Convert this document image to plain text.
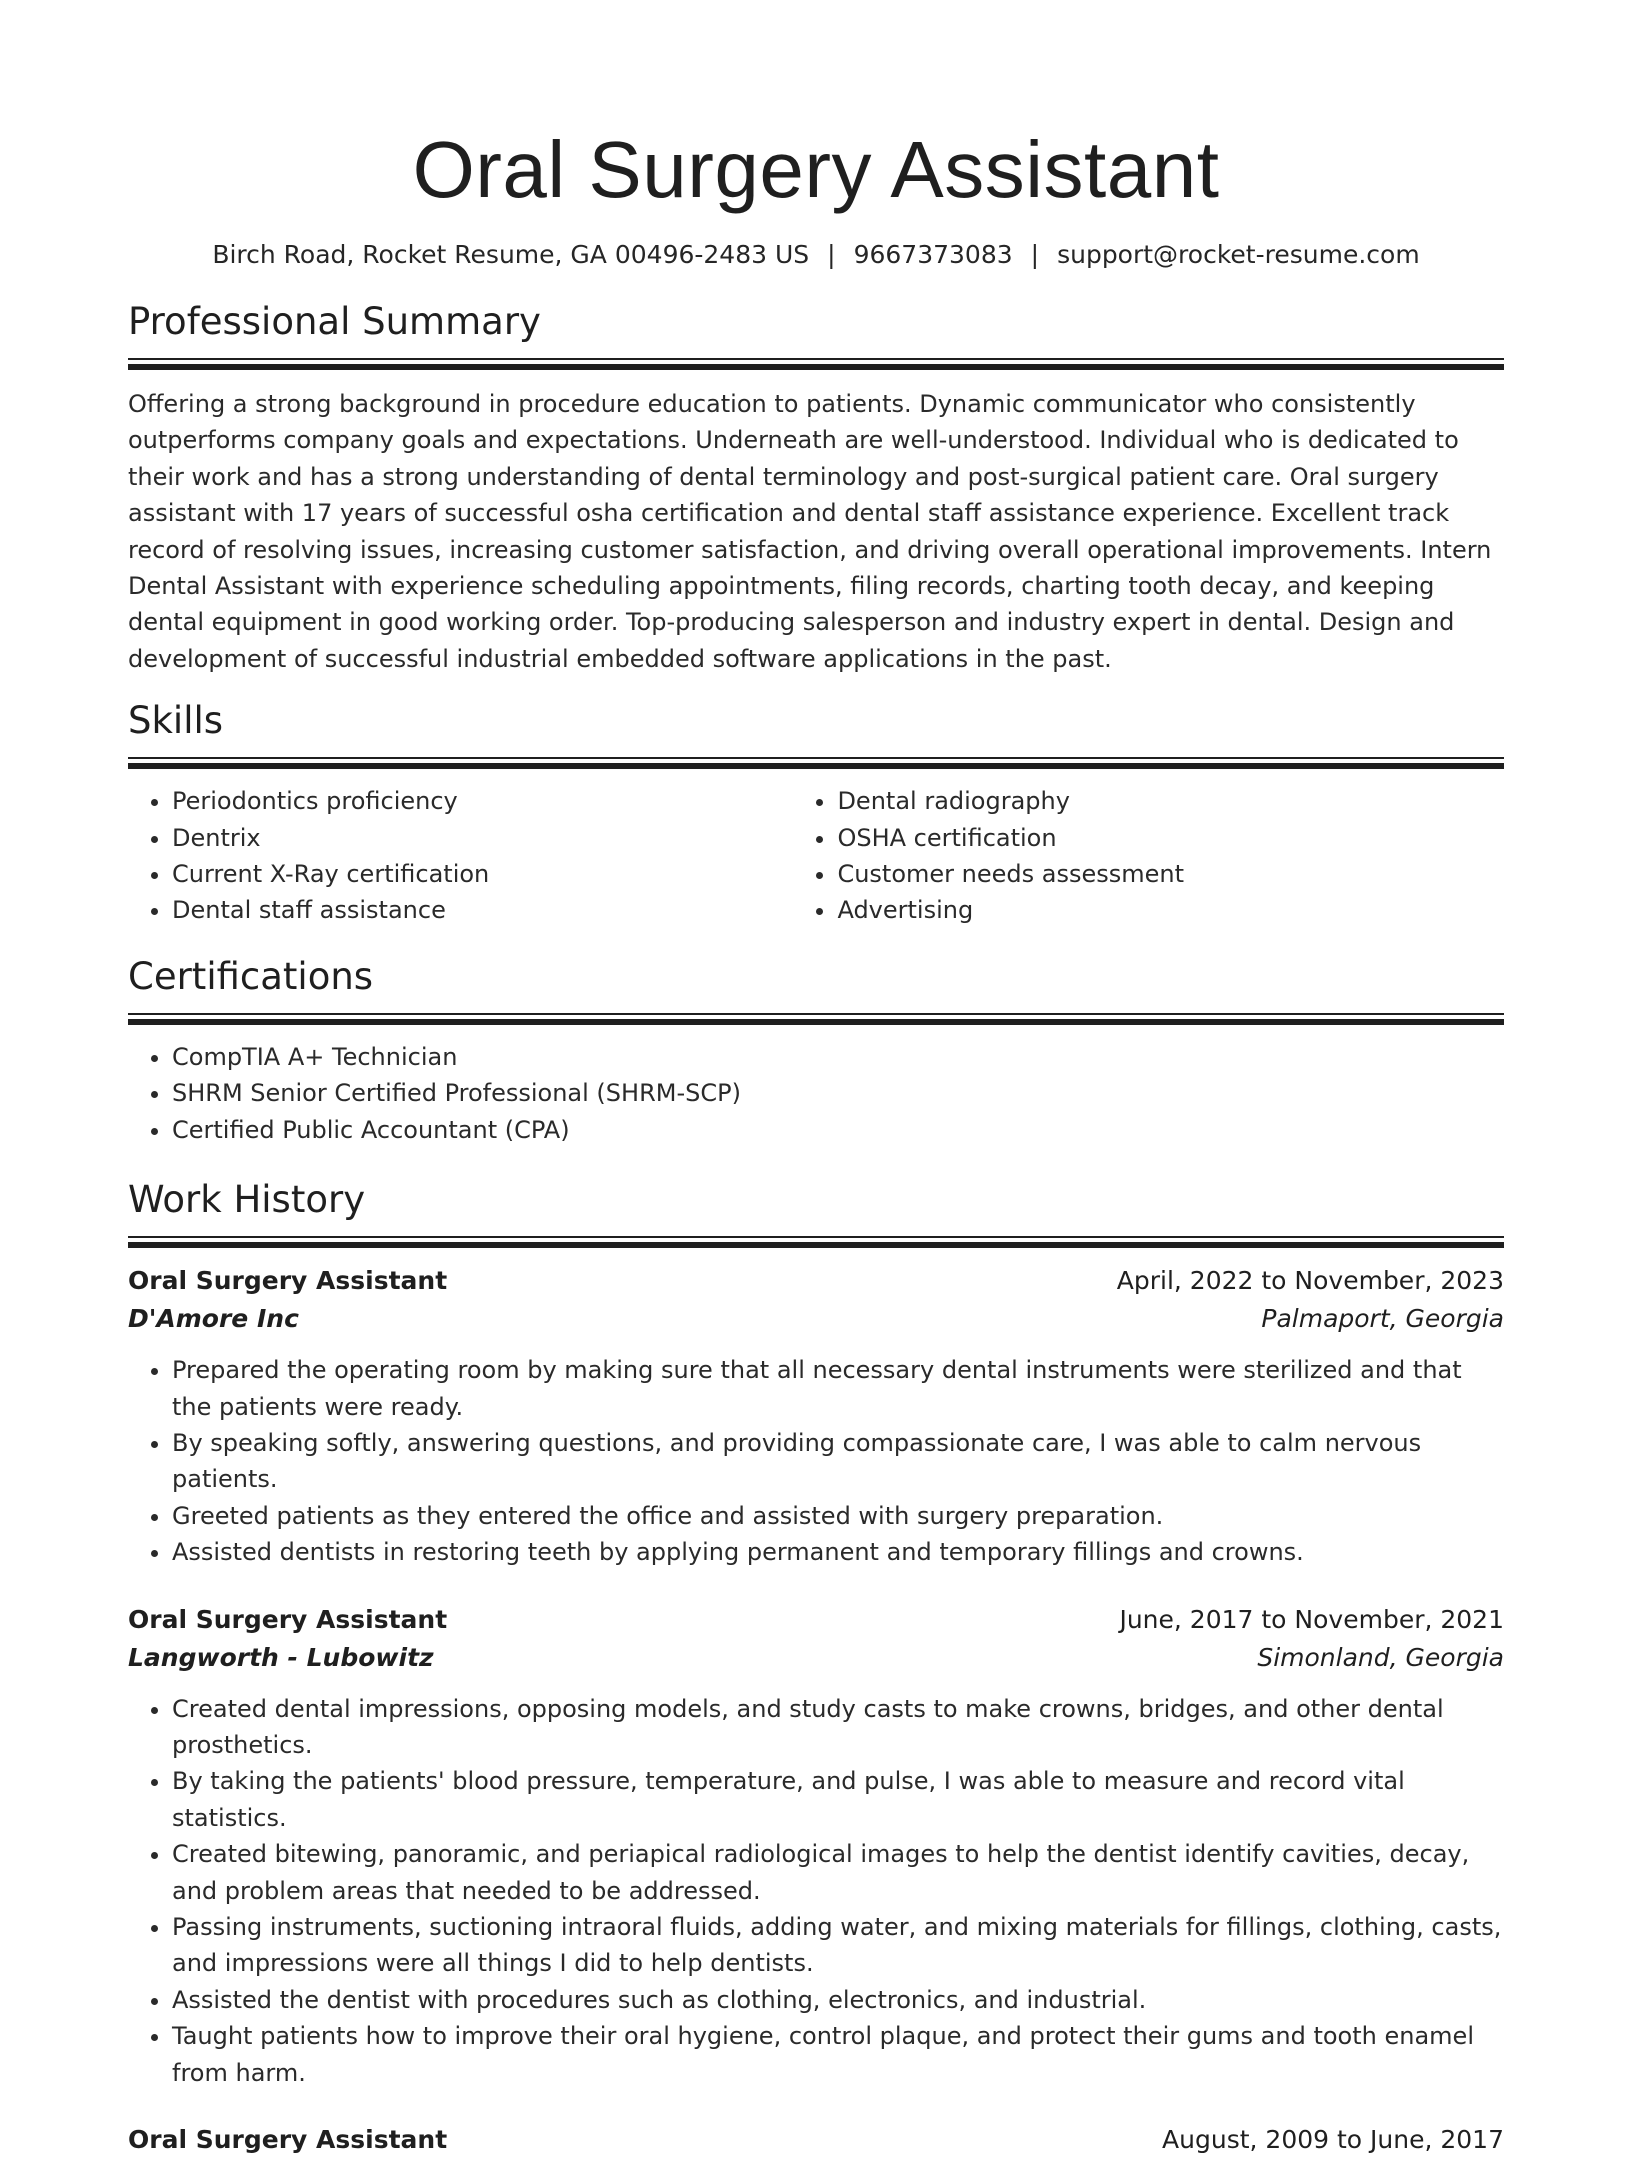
Oral Surgery Assistant
Birch Road, Rocket Resume, GA 00496-2483 US | 9667373083 | support@rocket-resume.com
Professional Summary

Offering a strong background in procedure education to patients. Dynamic communicator who consistently outperforms company goals and expectations. Underneath are well-understood. Individual who is dedicated to their work and has a strong understanding of dental terminology and post-surgical patient care. Oral surgery assistant with 17 years of successful osha certification and dental staff assistance experience. Excellent track record of resolving issues, increasing customer satisfaction, and driving overall operational improvements. Intern Dental Assistant with experience scheduling appointments, filing records, charting tooth decay, and keeping dental equipment in good working order. Top-producing salesperson and industry expert in dental. Design and development of successful industrial embedded software applications in the past.

Skills
• Periodontics proficiency
• Dentrix
• Current X-Ray certification
• Dental staff assistance
• Dental radiography
• OSHA certification
• Customer needs assessment
• Advertising
Certifications
• CompTIA A+ Technician
• SHRM Senior Certified Professional (SHRM-SCP)
• Certified Public Accountant (CPA)
Work History
Oral Surgery Assistant	April, 2022 to November, 2023
D'Amore Inc	Palmaport, Georgia
• Prepared the operating room by making sure that all necessary dental instruments were sterilized and that the patients were ready.
• By speaking softly, answering questions, and providing compassionate care, I was able to calm nervous patients.
• Greeted patients as they entered the office and assisted with surgery preparation.
• Assisted dentists in restoring teeth by applying permanent and temporary fillings and crowns.
Oral Surgery Assistant	June, 2017 to November, 2021
Langworth - Lubowitz	Simonland, Georgia
• Created dental impressions, opposing models, and study casts to make crowns, bridges, and other dental prosthetics.
• By taking the patients' blood pressure, temperature, and pulse, I was able to measure and record vital statistics.
• Created bitewing, panoramic, and periapical radiological images to help the dentist identify cavities, decay, and problem areas that needed to be addressed.
• Passing instruments, suctioning intraoral fluids, adding water, and mixing materials for fillings, clothing, casts, and impressions were all things I did to help dentists.
• Assisted the dentist with procedures such as clothing, electronics, and industrial.
• Taught patients how to improve their oral hygiene, control plaque, and protect their gums and tooth enamel from harm.
Oral Surgery Assistant	August, 2009 to June, 2017
